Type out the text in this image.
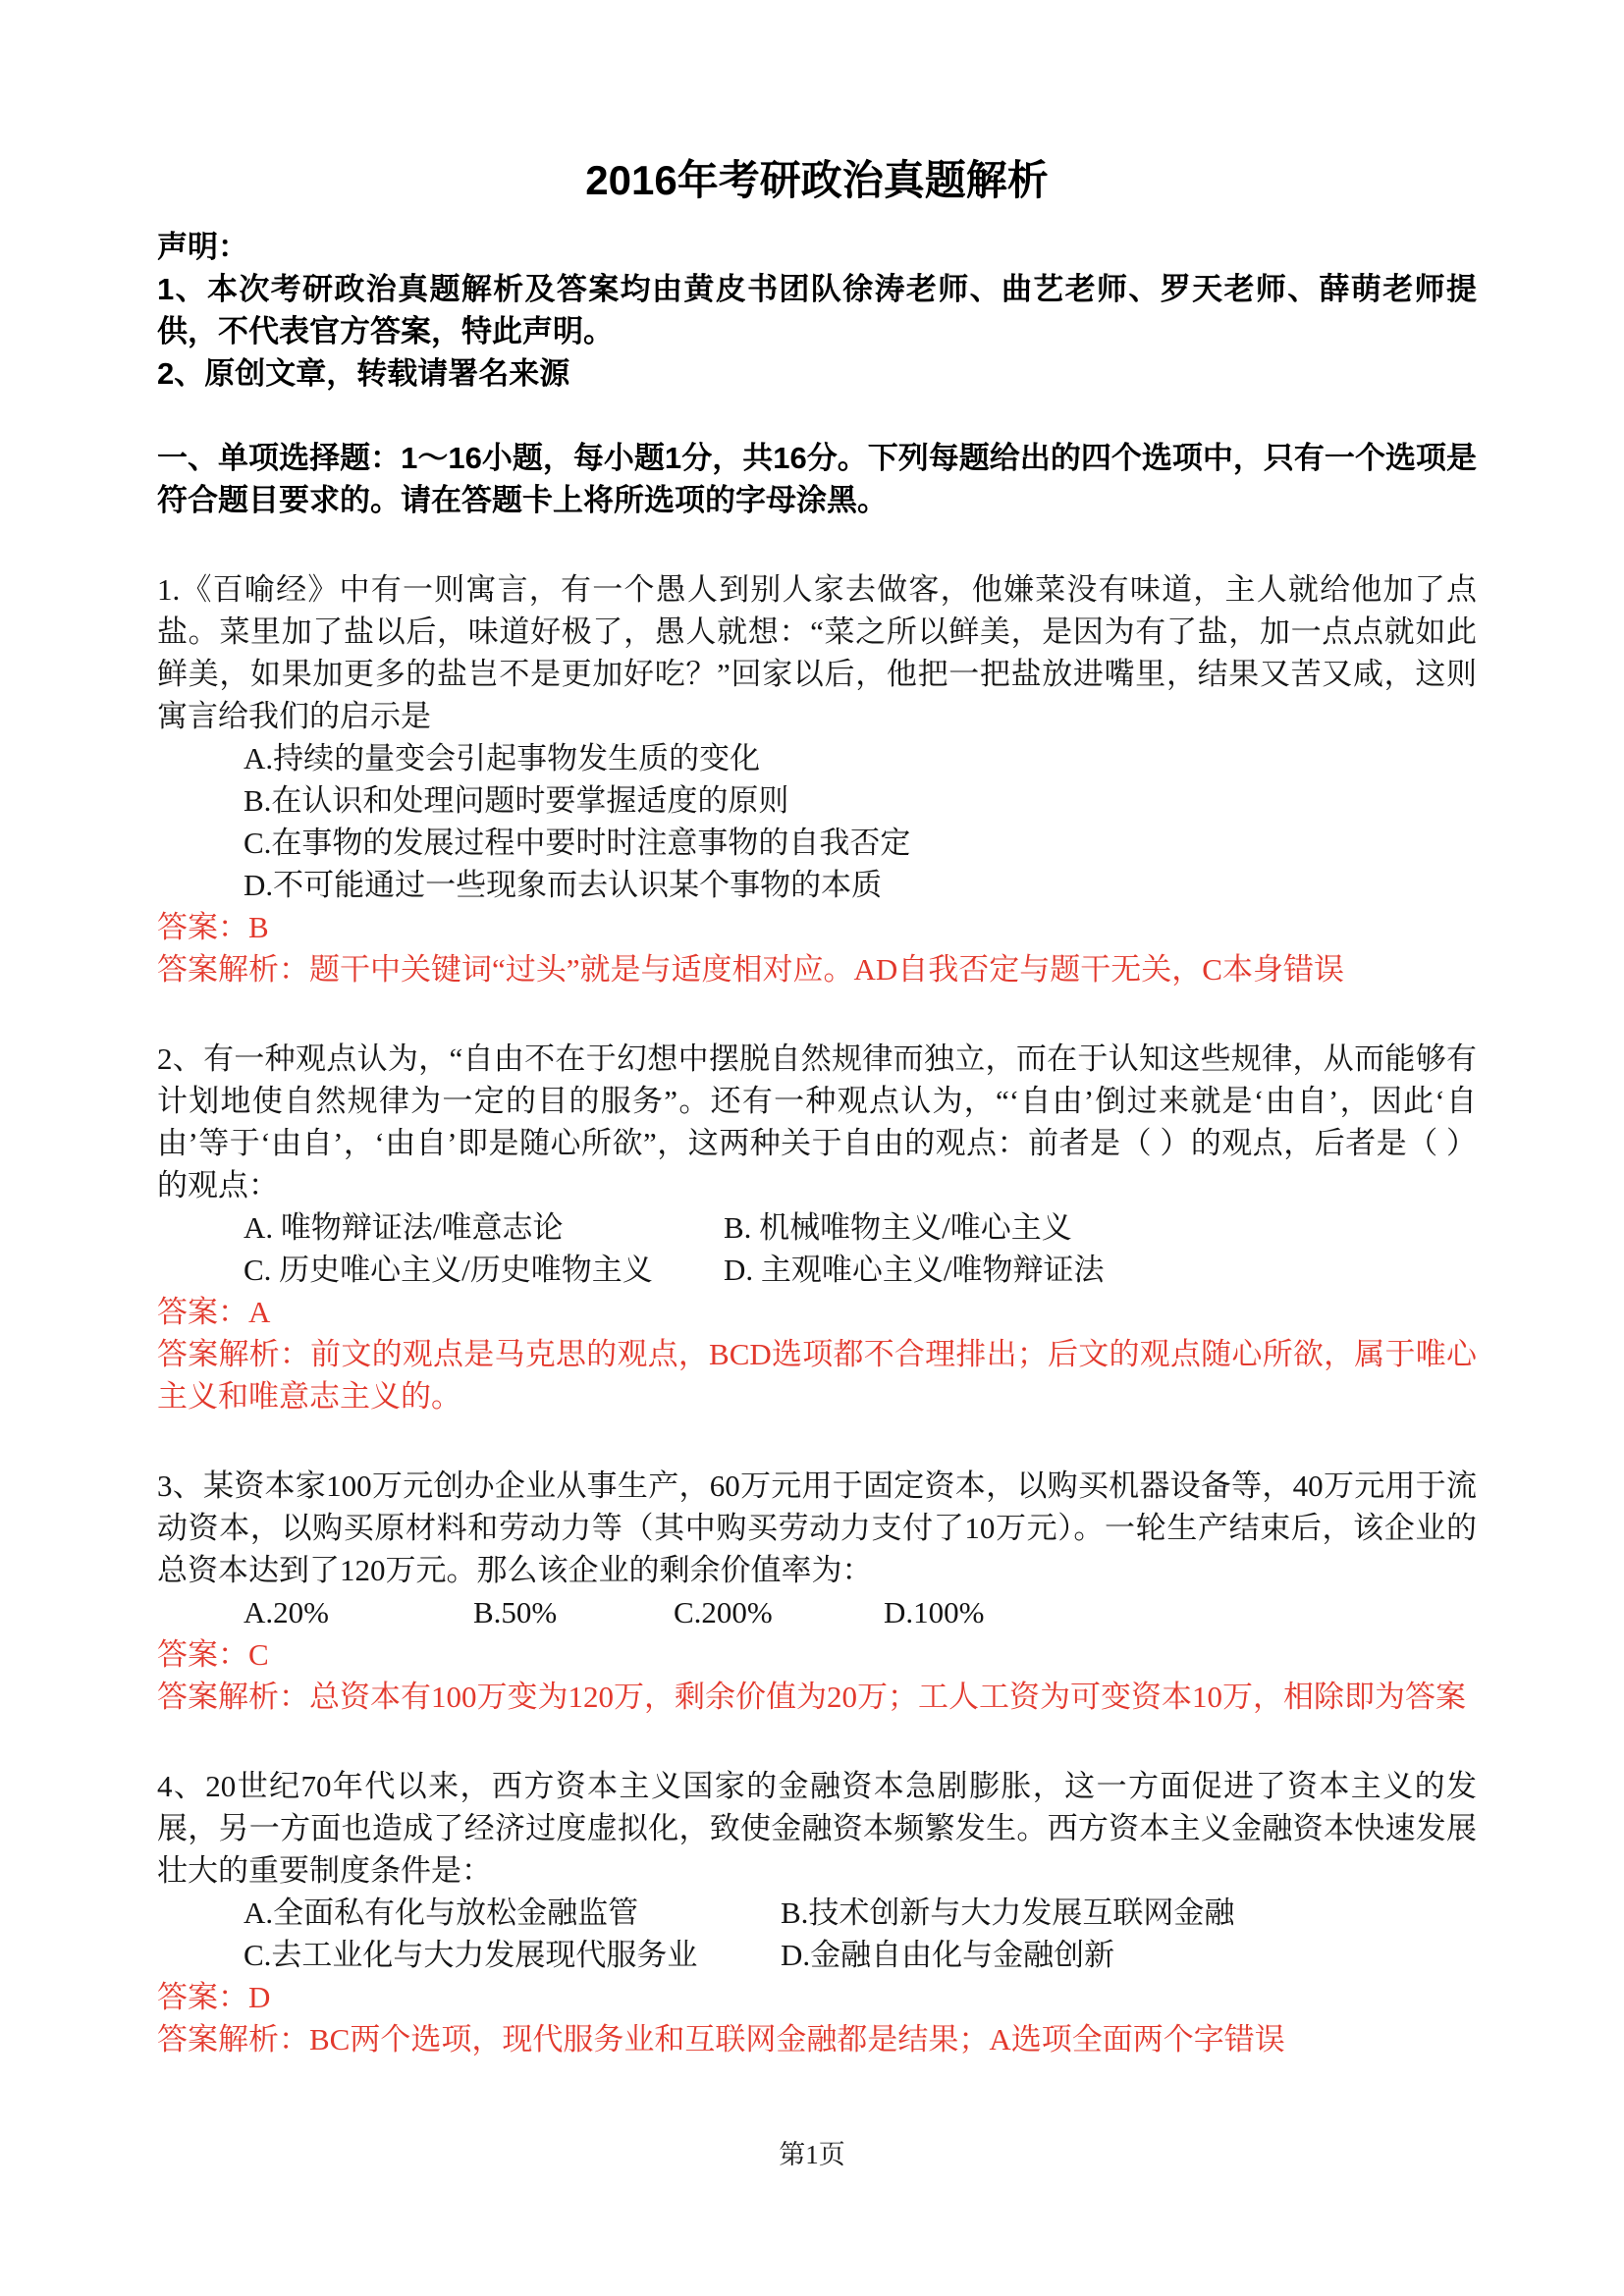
2016年考研政治真题解析

声明：

1、本次考研政治真题解析及答案均由黄皮书团队徐涛老师、曲艺老师、罗天老师、薛萌老师提供，不代表官方答案，特此声明。

2、原创文章，转载请署名来源

一、单项选择题：1～16小题，每小题1分，共16分。下列每题给出的四个选项中，只有一个选项是符合题目要求的。请在答题卡上将所选项的字母涂黑。

1.《百喻经》中有一则寓言，有一个愚人到别人家去做客，他嫌菜没有味道，主人就给他加了点盐。菜里加了盐以后，味道好极了，愚人就想：“菜之所以鲜美，是因为有了盐，加一点点就如此鲜美，如果加更多的盐岂不是更加好吃？”回家以后，他把一把盐放进嘴里，结果又苦又咸，这则寓言给我们的启示是

A.持续的量变会引起事物发生质的变化
B.在认识和处理问题时要掌握适度的原则
C.在事物的发展过程中要时时注意事物的自我否定
D.不可能通过一些现象而去认识某个事物的本质

答案：B

答案解析：题干中关键词“过头”就是与适度相对应。AD自我否定与题干无关，C本身错误

2、有一种观点认为，“自由不在于幻想中摆脱自然规律而独立，而在于认知这些规律，从而能够有计划地使自然规律为一定的目的服务”。还有一种观点认为，“‘自由’倒过来就是‘由自’，因此‘自由’等于‘由自’，‘由自’即是随心所欲”，这两种关于自由的观点：前者是（ ）的观点，后者是（ ）的观点：

A. 唯物辩证法/唯意志论	B. 机械唯物主义/唯心主义
C. 历史唯心主义/历史唯物主义 D. 主观唯心主义/唯物辩证法

答案：A

答案解析：前文的观点是马克思的观点，BCD选项都不合理排出；后文的观点随心所欲，属于唯心主义和唯意志主义的。

3、某资本家100万元创办企业从事生产，60万元用于固定资本，以购买机器设备等，40万元用于流动资本，以购买原材料和劳动力等（其中购买劳动力支付了10万元）。一轮生产结束后，该企业的总资本达到了120万元。那么该企业的剩余价值率为：

A.20%	B.50%	C.200%	D.100%

答案：C

答案解析：总资本有100万变为120万，剩余价值为20万；工人工资为可变资本10万，相除即为答案

4、20世纪70年代以来，西方资本主义国家的金融资本急剧膨胀，这一方面促进了资本主义的发展，另一方面也造成了经济过度虚拟化，致使金融资本频繁发生。西方资本主义金融资本快速发展壮大的重要制度条件是：

A.全面私有化与放松金融监管	B.技术创新与大力发展互联网金融
C.去工业化与大力发展现代服务业	D.金融自由化与金融创新

答案：D

答案解析：BC两个选项，现代服务业和互联网金融都是结果；A选项全面两个字错误

第1页
